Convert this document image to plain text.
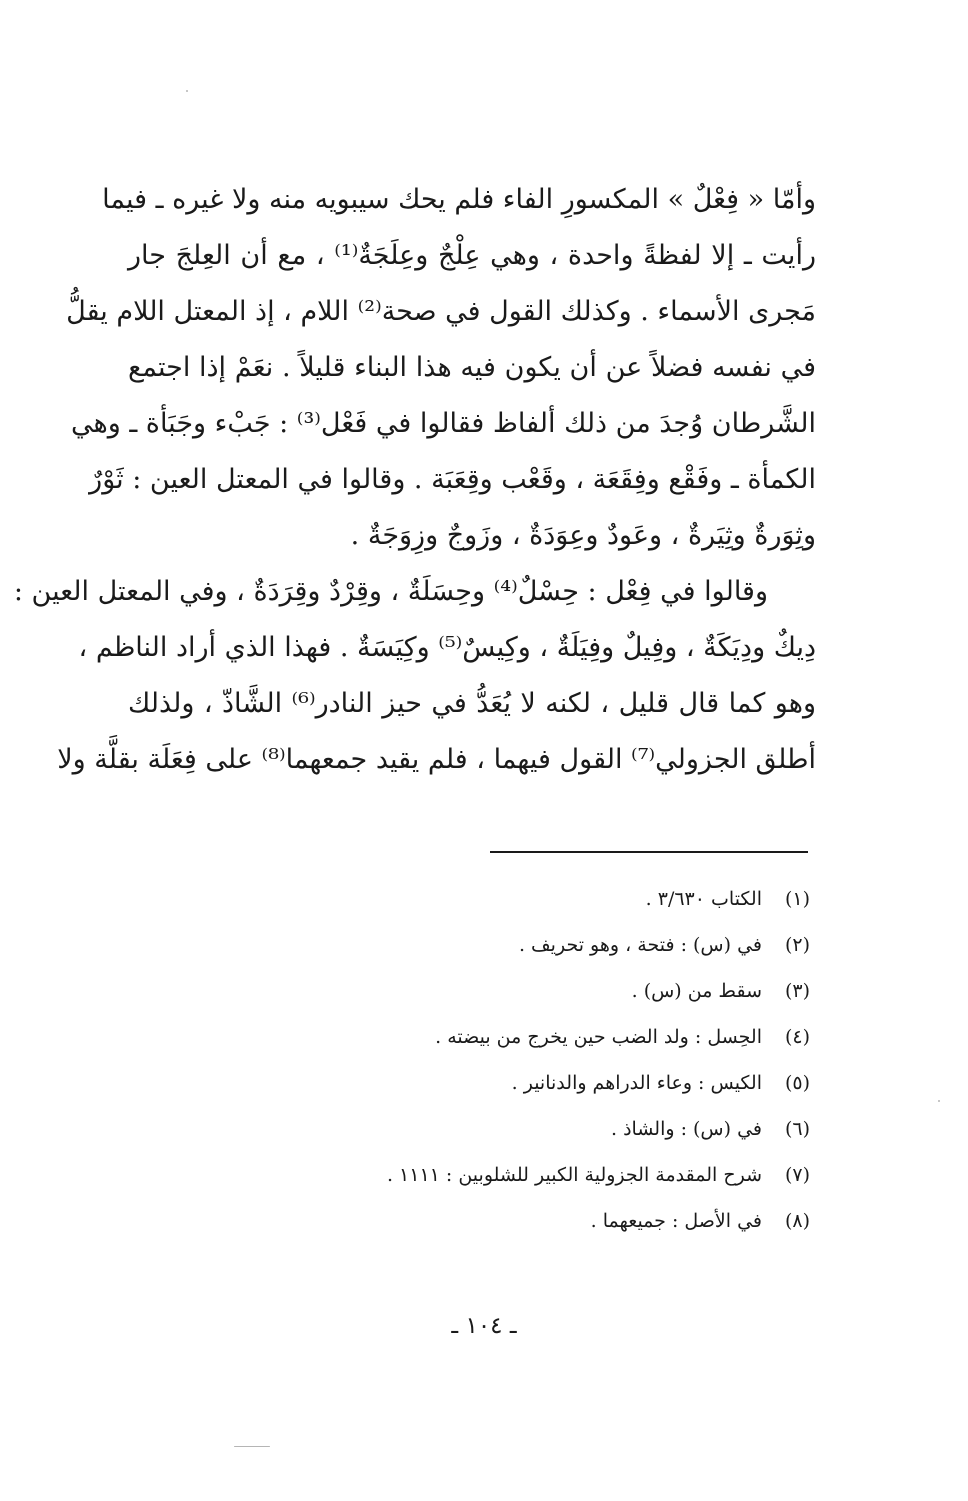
وأمّا « فِعْلٌ » المكسورِ الفاء فلم يحك سيبويه منه ولا غيره ـ فيما
رأيت ـ إلا لفظةً واحدة ، وهي عِلْجٌ وعِلَجَةٌ⁽¹⁾ ، مع أن العِلجَ جار
مَجرى الأسماء . وكذلك القول في صحة⁽²⁾ اللام ، إذ المعتل اللام يقلُّ
في نفسه فضلاً عن أن يكون فيه هذا البناء قليلاً . نعَمْ إذا اجتمع
الشَّرطان وُجدَ من ذلك ألفاظ فقالوا في فَعْل⁽³⁾ : جَبْء وجَبَأة ـ وهي
الكمأة ـ وفَقْع وفِقَعَة ، وقَعْب وقِعَبَة . وقالوا في المعتل العين : ثَوْرٌ
وثِوَرةٌ وثِيَرةٌ ، وعَودٌ وعِوَدَةٌ ، وزَوجٌ وزِوَجَةٌ .
وقالوا في فِعْل : حِسْلٌ⁽⁴⁾ وحِسَلَةٌ ، وقِرْدٌ وقِرَدَةٌ ، وفي المعتل العين :
دِيكٌ ودِيَكَةٌ ، وفِيلٌ وفِيَلَةٌ ، وكِيسٌ⁽⁵⁾ وكِيَسَةٌ . فهذا الذي أراد الناظم ،
وهو كما قال قليل ، لكنه لا يُعَدُّ في حيز النادر⁽⁶⁾ الشَّاذّ ، ولذلك
أطلق الجزولي⁽⁷⁾ القول فيهما ، فلم يقيد جمعهما⁽⁸⁾ على فِعَلَة بقلَّة ولا
(١)
الكتاب ٣/٦٣٠ .
(٢)
في (س) : فتحة ، وهو تحريف .
(٣)
سقط من (س) .
(٤)
الحِسل : ولد الضب حين يخرج من بيضته .
(٥)
الكيس : وعاء الدراهم والدنانير .
(٦)
في (س) : والشاذ .
(٧)
شرح المقدمة الجزولية الكبير للشلوبين : ١١١١ .
(٨)
في الأصل : جميعهما .
ـ ١٠٤ ـ
